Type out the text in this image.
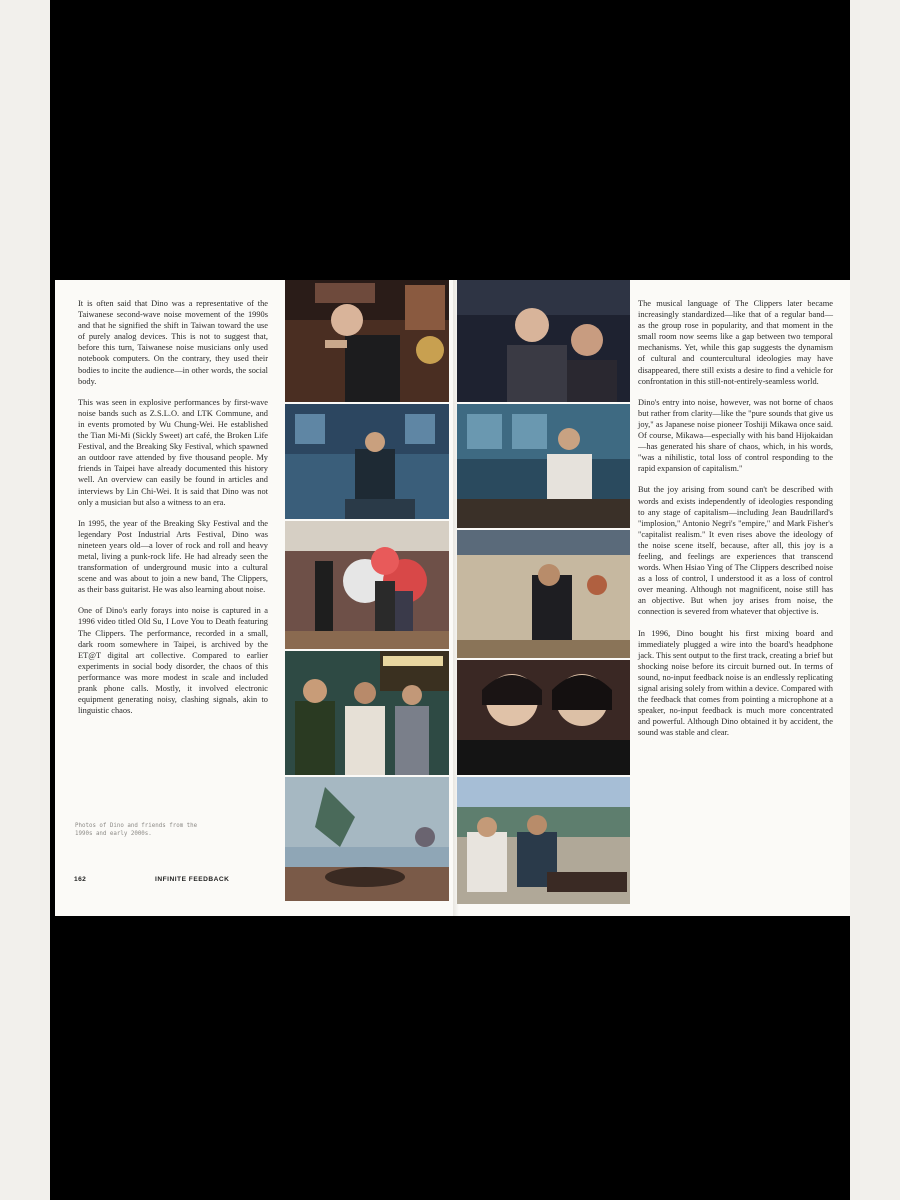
It is often said that Dino was a representative of the Taiwanese second-wave noise movement of the 1990s and that he signified the shift in Taiwan toward the use of purely analog devices. This is not to suggest that, before this turn, Taiwanese noise musicians only used notebook computers. On the contrary, they used their bodies to incite the audience—in other words, the social body.

This was seen in explosive performances by first-wave noise bands such as Z.S.L.O. and LTK Commune, and in events promoted by Wu Chung-Wei. He established the Tian Mi-Mi (Sickly Sweet) art café, the Broken Life Festival, and the Breaking Sky Festival, which spawned an outdoor rave attended by five thousand people. My friends in Taipei have already documented this history well. An overview can easily be found in articles and interviews by Lin Chi-Wei. It is said that Dino was not only a musician but also a witness to an era.

In 1995, the year of the Breaking Sky Festival and the legendary Post Industrial Arts Festival, Dino was nineteen years old—a lover of rock and roll and heavy metal, living a punk-rock life. He had already seen the transformation of underground music into a cultural scene and was about to join a new band, The Clippers, as their bass guitarist. He was also learning about noise.

One of Dino's early forays into noise is captured in a 1996 video titled Old Su, I Love You to Death featuring The Clippers. The performance, recorded in a small, dark room somewhere in Taipei, is archived by the ET@T digital art collective. Compared to earlier experiments in social body disorder, the chaos of this performance was more modest in scale and included prank phone calls. Mostly, it involved electronic equipment generating noisy, clashing signals, akin to linguistic chaos.

Photos of Dino and friends from the 1990s and early 2000s.
162	INFINITE FEEDBACK

The musical language of The Clippers later became increasingly standardized—like that of a regular band—as the group rose in popularity, and that moment in the small room now seems like a gap between two temporal mechanisms. Yet, while this gap suggests the dynamism of cultural and countercultural ideologies may have disappeared, there still exists a desire to find a vehicle for confrontation in this still-not-entirely-seamless world.

Dino's entry into noise, however, was not borne of chaos but rather from clarity—like the "pure sounds that give us joy," as Japanese noise pioneer Toshiji Mikawa once said. Of course, Mikawa—especially with his band Hijokaidan—has generated his share of chaos, which, in his words, "was a nihilistic, total loss of control responding to the rapid expansion of capitalism."

But the joy arising from sound can't be described with words and exists independently of ideologies responding to any stage of capitalism—including Jean Baudrillard's "implosion," Antonio Negri's "empire," and Mark Fisher's "capitalist realism." It even rises above the ideology of the noise scene itself, because, after all, this joy is a feeling, and feelings are experiences that transcend words. When Hsiao Ying of The Clippers described noise as a loss of control, I understood it as a loss of control over meaning. Although not magnificent, noise still has an objective. But when joy arises from noise, the connection is severed from whatever that objective is.

In 1996, Dino bought his first mixing board and immediately plugged a wire into the board's headphone jack. This sent output to the first track, creating a brief but shocking noise before its circuit burned out. In terms of sound, no-input feedback noise is an endlessly replicating signal arising solely from within a device. Compared with the feedback that comes from pointing a microphone at a speaker, no-input feedback is much more concentrated and powerful. Although Dino obtained it by accident, the sound was stable and clear.
